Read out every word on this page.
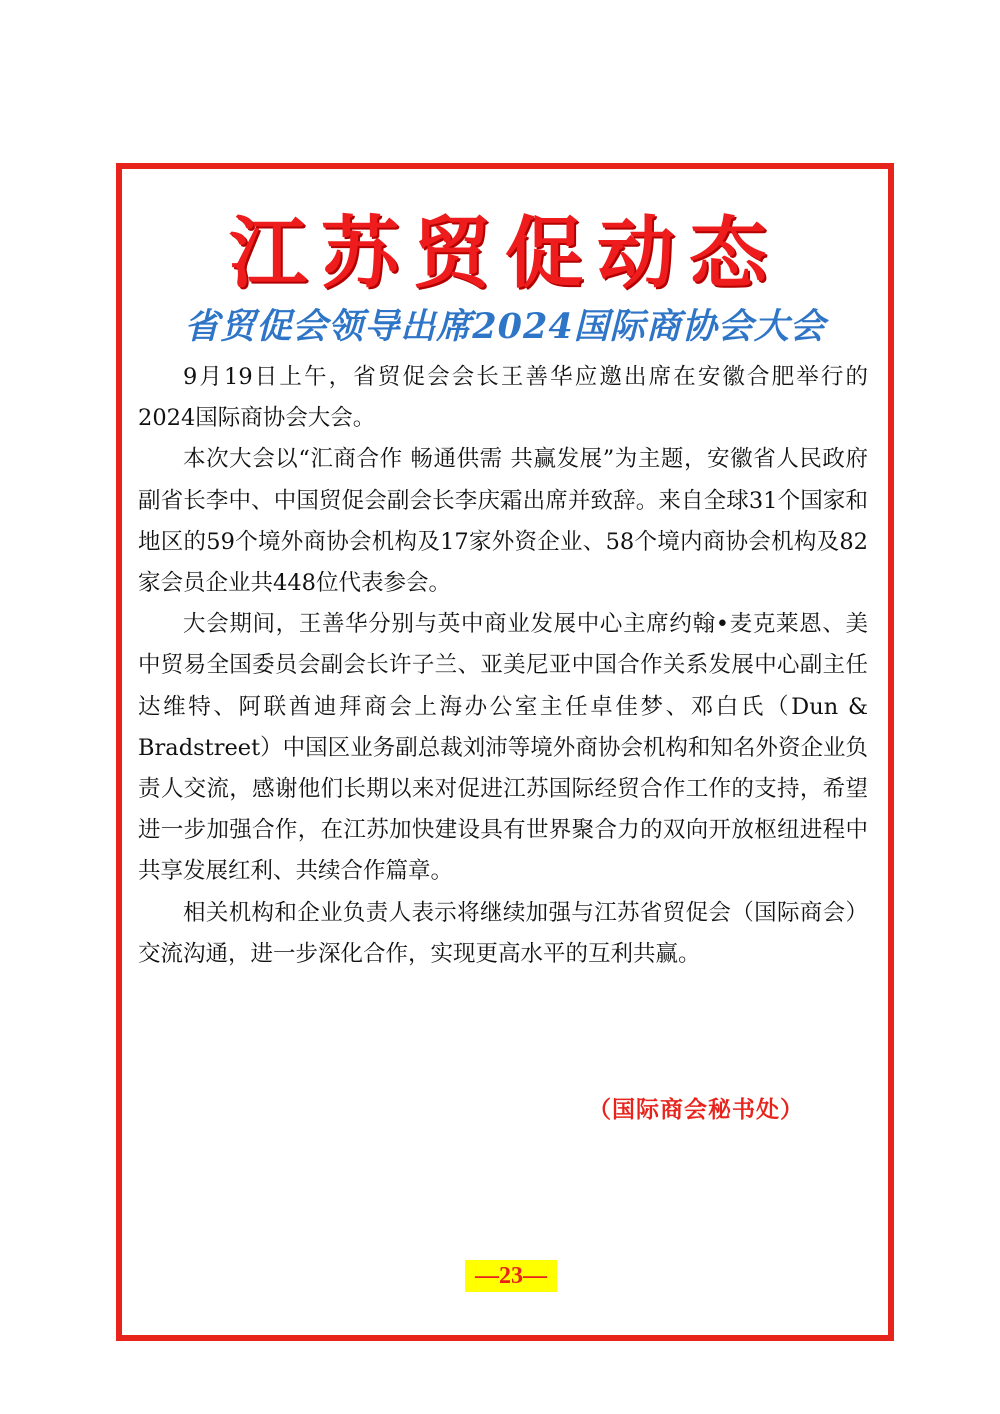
江苏贸促动态
省贸促会领导出席2024国际商协会大会

9月19日上午，省贸促会会长王善华应邀出席在安徽合肥举行的2024国际商协会大会。

本次大会以“汇商合作 畅通供需 共赢发展”为主题，安徽省人民政府副省长李中、中国贸促会副会长李庆霜出席并致辞。来自全球31个国家和地区的59个境外商协会机构及17家外资企业、58个境内商协会机构及82家会员企业共448位代表参会。

大会期间，王善华分别与英中商业发展中心主席约翰•麦克莱恩、美中贸易全国委员会副会长许子兰、亚美尼亚中国合作关系发展中心副主任达维特、阿联酋迪拜商会上海办公室主任卓佳梦、邓白氏（Dun & Bradstreet）中国区业务副总裁刘沛等境外商协会机构和知名外资企业负责人交流，感谢他们长期以来对促进江苏国际经贸合作工作的支持，希望进一步加强合作，在江苏加快建设具有世界聚合力的双向开放枢纽进程中共享发展红利、共续合作篇章。

相关机构和企业负责人表示将继续加强与江苏省贸促会（国际商会）交流沟通，进一步深化合作，实现更高水平的互利共赢。

（国际商会秘书处）
—23—
